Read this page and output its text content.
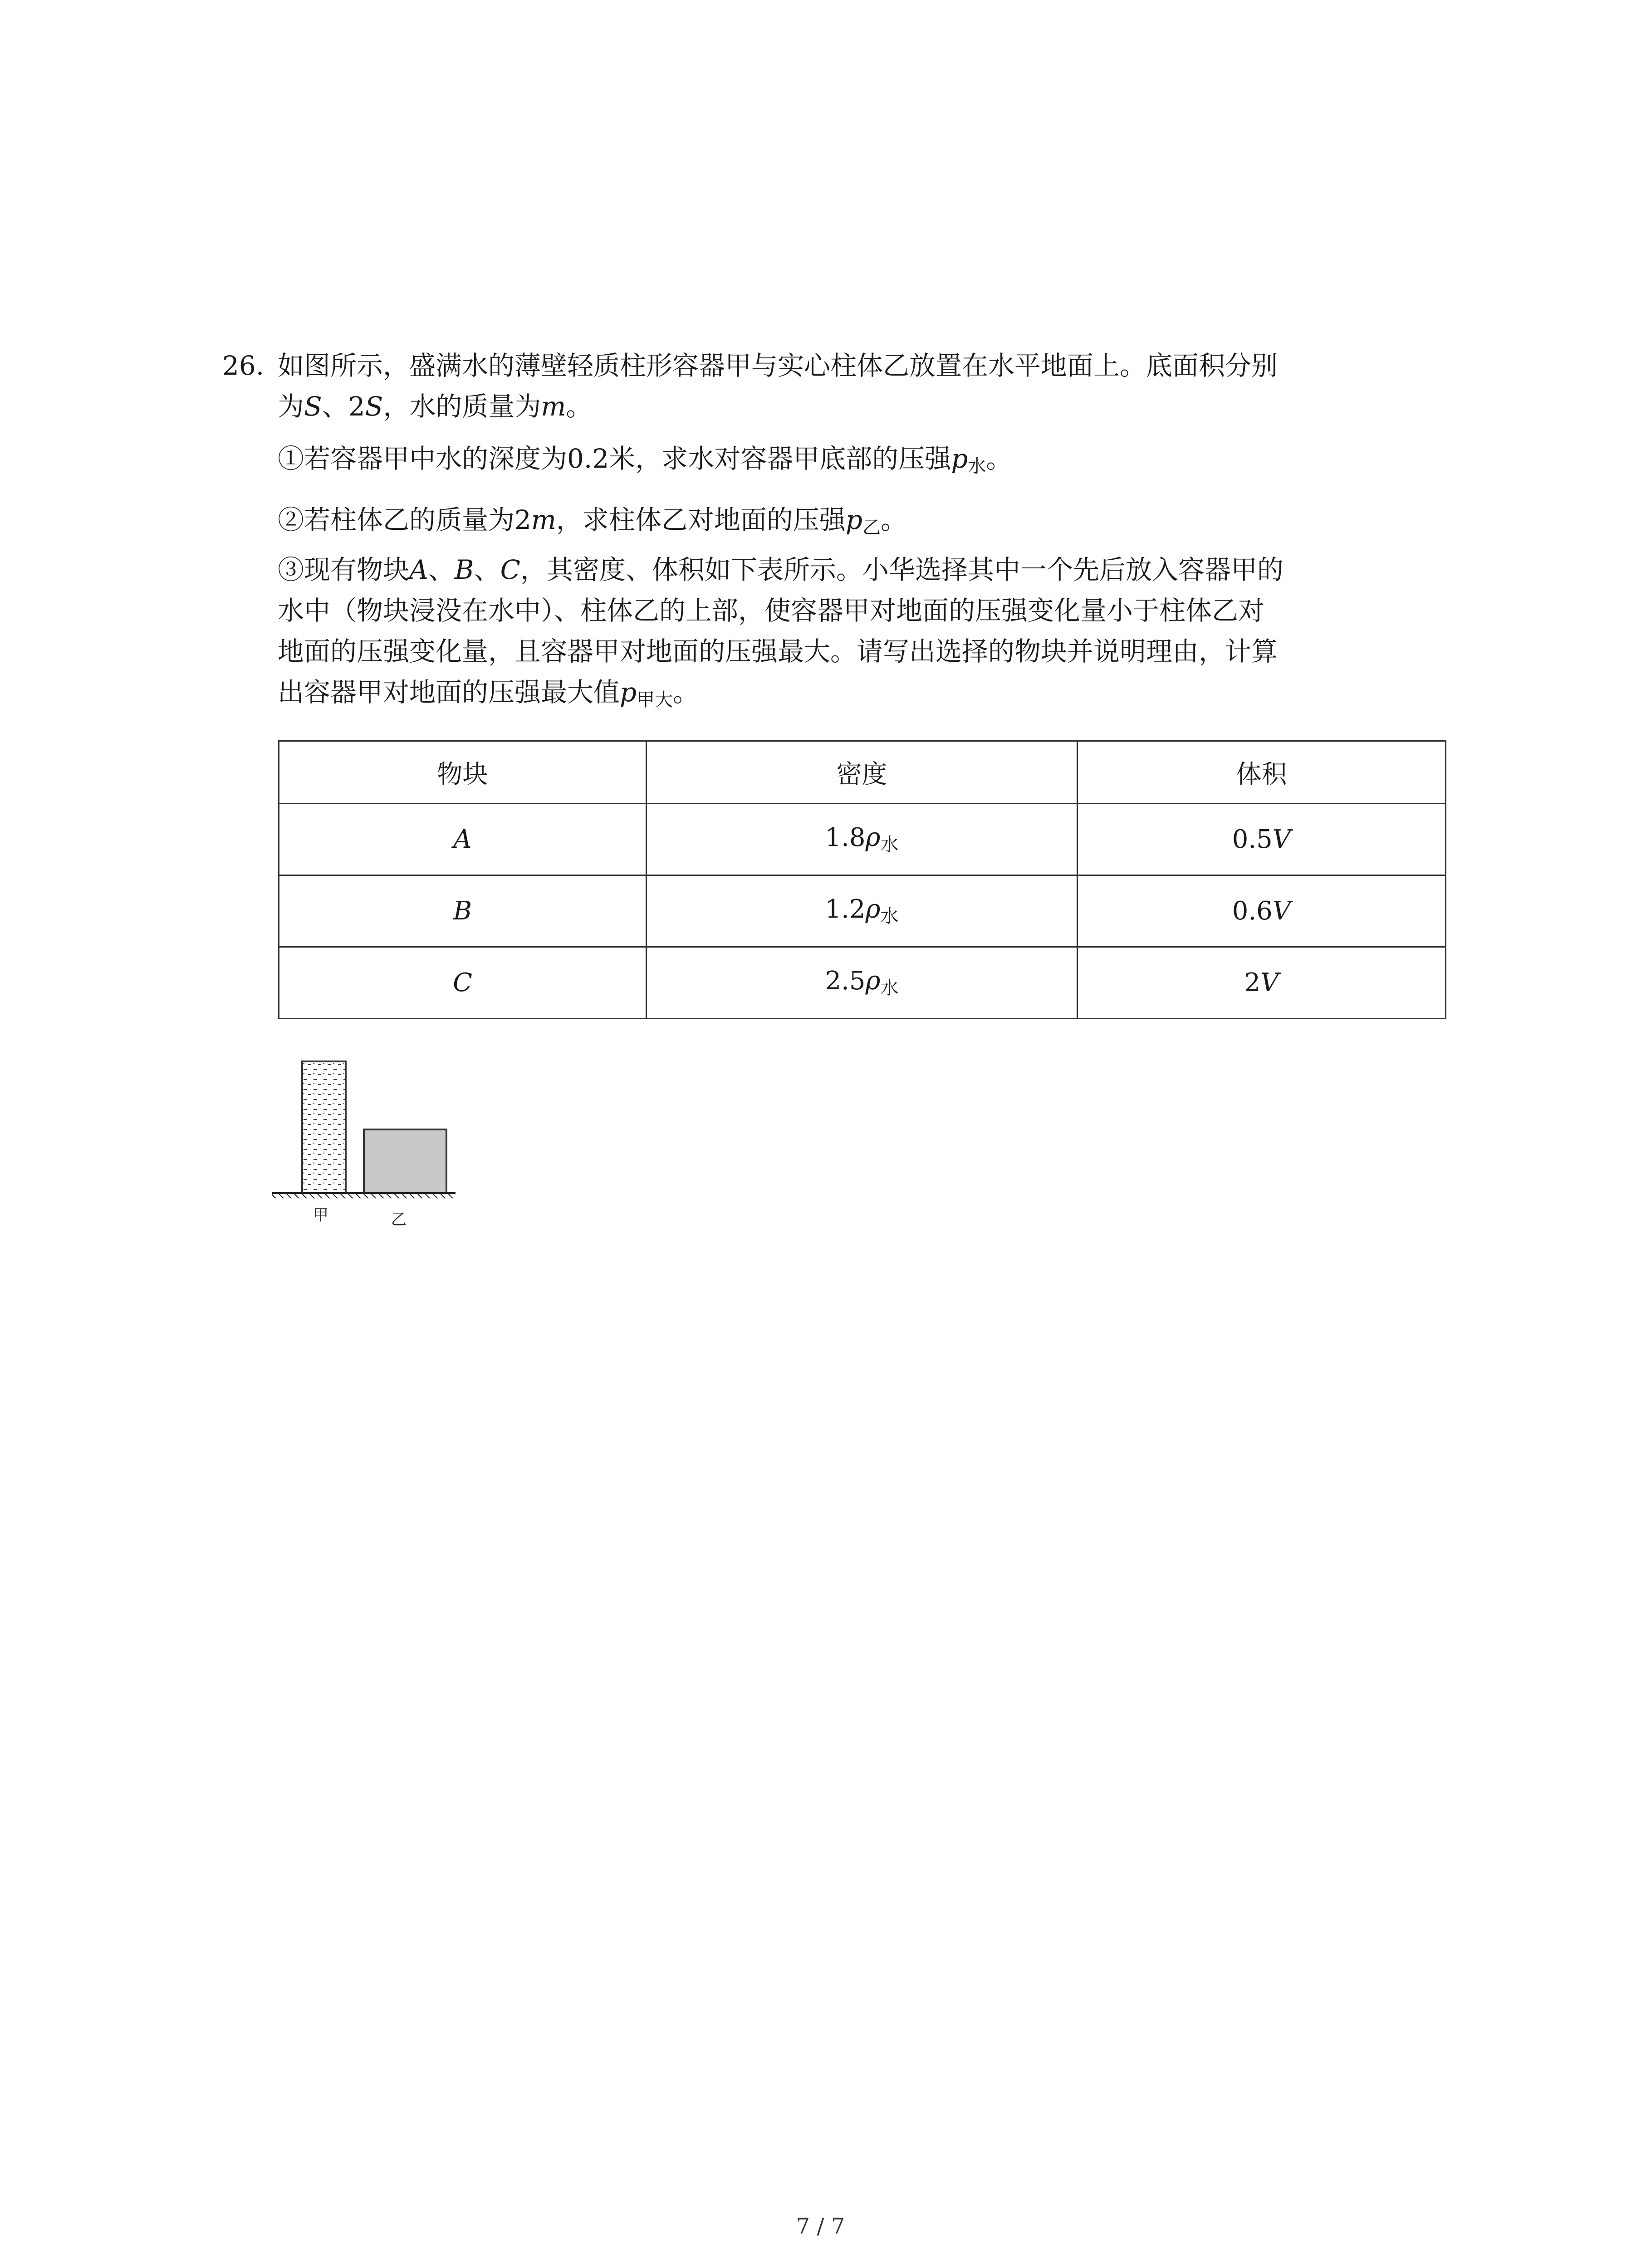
26. 如图所示，盛满水的薄壁轻质柱形容器甲与实心柱体乙放置在水平地面上。底面积分别
为S、2S，水的质量为m。
①若容器甲中水的深度为0.2米，求水对容器甲底部的压强$p_水$。
②若柱体乙的质量为2m，求柱体乙对地面的压强$p_乙$。
③现有物块A、B、C，其密度、体积如下表所示。小华选择其中一个先后放入容器甲的
水中（物块浸没在水中）、柱体乙的上部，使容器甲对地面的压强变化量小于柱体乙对
地面的压强变化量，且容器甲对地面的压强最大。请写出选择的物块并说明理由，计算
出容器甲对地面的压强最大值$p_{甲大}$。
物块	密度	体积
A	$1.8\rho_水$	0.5V
B	$1.2\rho_水$	0.6V
C	$2.5\rho_水$	2V
甲	乙
7 / 7
